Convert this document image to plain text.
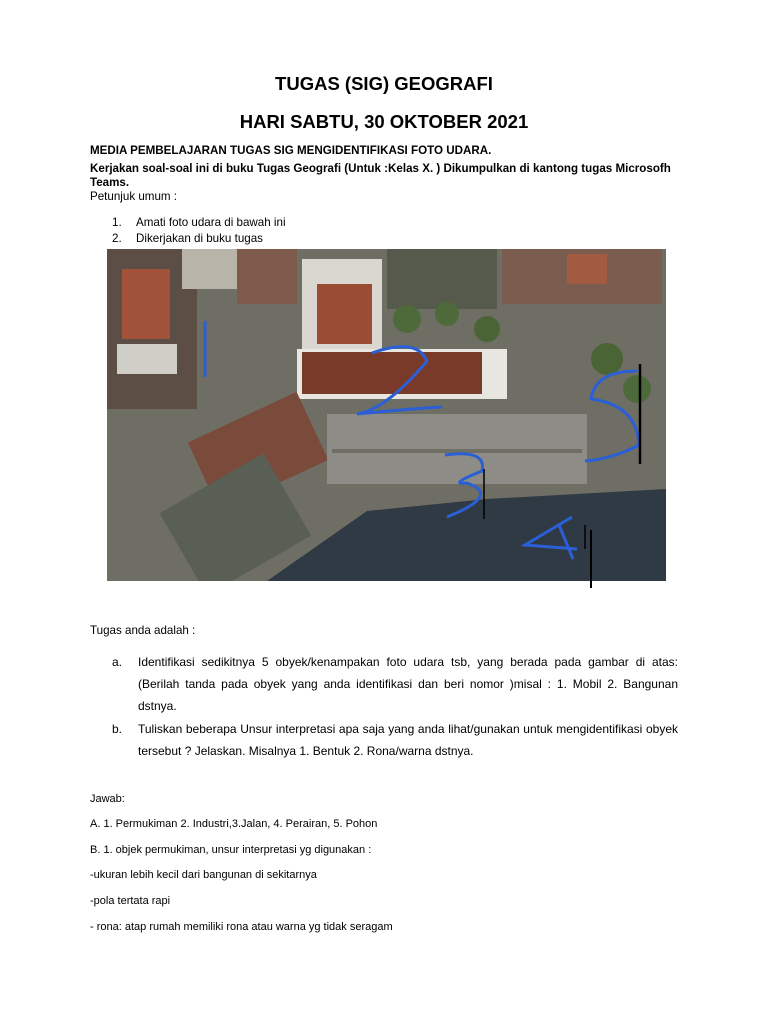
TUGAS (SIG) GEOGRAFI
HARI SABTU, 30 OKTOBER 2021
MEDIA PEMBELAJARAN TUGAS SIG MENGIDENTIFIKASI FOTO UDARA.
Kerjakan soal-soal ini di buku Tugas Geografi (Untuk :Kelas X. ) Dikumpulkan di kantong tugas Microsofh Teams.
Petunjuk umum :
1. Amati foto udara di bawah ini
2. Dikerjakan di buku tugas
Tugas anda adalah :
a. Identifikasi sedikitnya 5 obyek/kenampakan foto udara tsb, yang berada pada gambar di atas: (Berilah tanda pada obyek yang anda identifikasi dan beri nomor )misal : 1. Mobil 2. Bangunan dstnya.
b. Tuliskan beberapa Unsur interpretasi apa saja yang anda lihat/gunakan untuk mengidentifikasi obyek tersebut ? Jelaskan. Misalnya 1. Bentuk 2. Rona/warna dstnya.
Jawab:
A. 1. Permukiman 2. Industri,3.Jalan, 4. Perairan, 5. Pohon
B. 1. objek permukiman, unsur interpretasi yg digunakan :
-ukuran lebih kecil dari bangunan di sekitarnya
-pola tertata rapi
- rona: atap rumah memiliki rona atau warna yg tidak seragam
